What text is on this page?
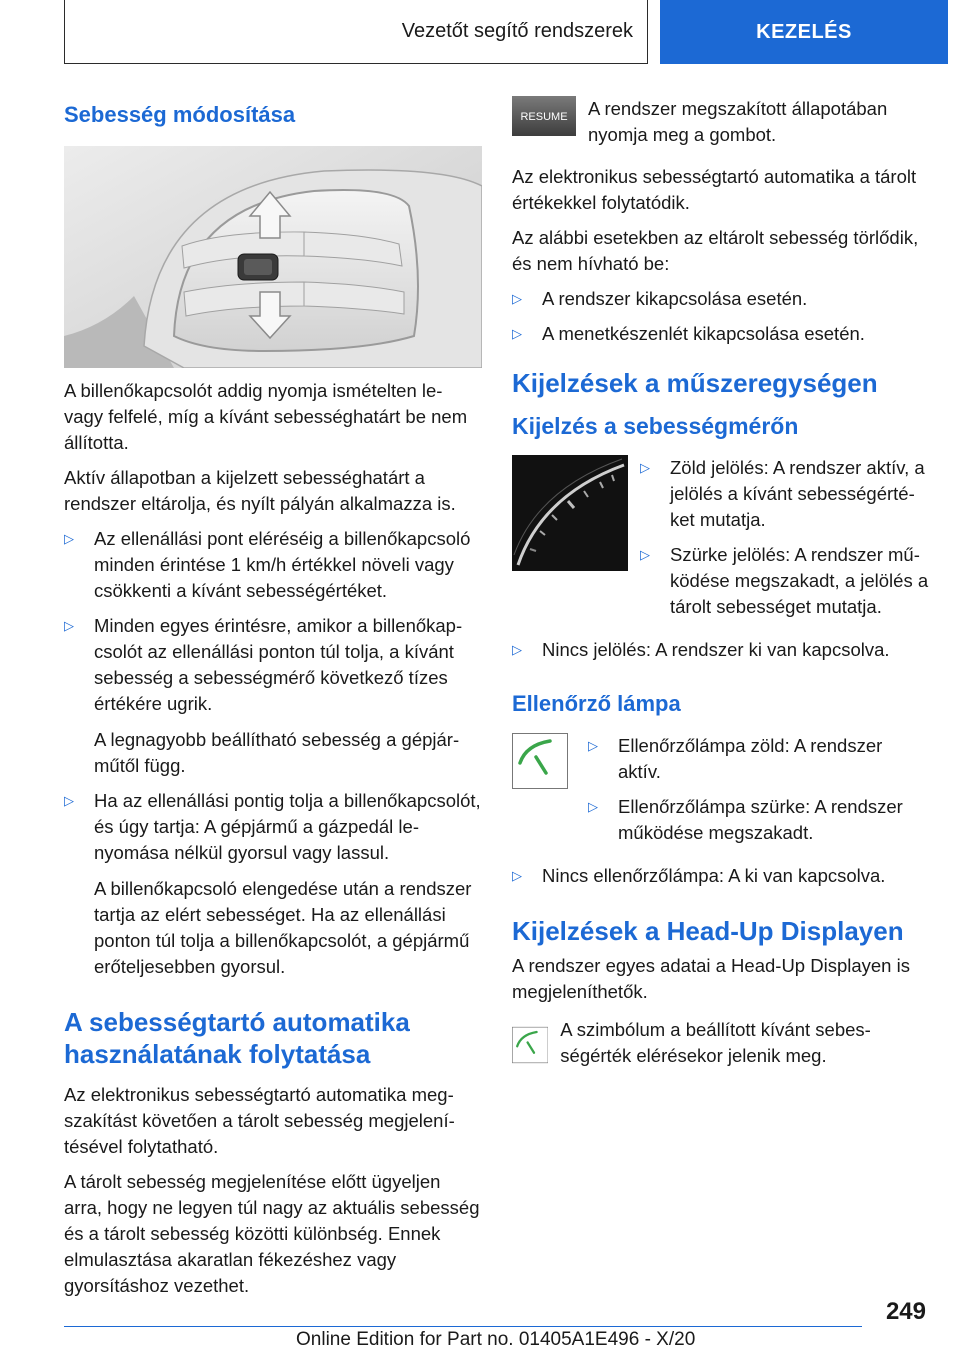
Vezetőt segítő rendszerek	KEZELÉS
Sebesség módosítása

A billenőkapcsolót addig nyomja ismételten le- vagy felfelé, míg a kívánt sebességhatárt be nem állította.

Aktív állapotban a kijelzett sebességhatárt a rendszer eltárolja, és nyílt pályán alkalmazza is.

▷ Az ellenállási pont eléréséig a billenőkapcsoló minden érintése 1 km/h értékkel növeli vagy csökkenti a kívánt sebességértéket.
▷ Minden egyes érintésre, amikor a billenőkapcsolót az ellenállási ponton túl tolja, a kívánt sebesség a sebességmérő következő tízes értékére ugrik.

A legnagyobb beállítható sebesség a gépjárműtől függ.

▷ Ha az ellenállási pontig tolja a billenőkapcsolót, és úgy tartja: A gépjármű a gázpedál lenyomása nélkül gyorsul vagy lassul.

A billenőkapcsoló elengedése után a rendszer tartja az elért sebességet. Ha az ellenállási ponton túl tolja a billenőkapcsolót, a gépjármű erőteljesebben gyorsul.

A sebességtartó automatika használatának folytatása

Az elektronikus sebességtartó automatika megszakítást követően a tárolt sebesség megjelenítésével folytatható.

A tárolt sebesség megjelenítése előtt ügyeljen arra, hogy ne legyen túl nagy az aktuális sebesség és a tárolt sebesség közötti különbség. Ennek elmulasztása akaratlan fékezéshez vagy gyorsításhoz vezethet.

RESUME A rendszer megszakított állapotában nyomja meg a gombot.

Az elektronikus sebességtartó automatika a tárolt értékekkel folytatódik.

Az alábbi esetekben az eltárolt sebesség törlődik, és nem hívható be:

▷ A rendszer kikapcsolása esetén.
▷ A menetkészenlét kikapcsolása esetén.
Kijelzések a műszeregységen
Kijelzés a sebességmérőn
▷ Zöld jelölés: A rendszer aktív, a jelölés a kívánt sebességértéket mutatja.
▷ Szürke jelölés: A rendszer működése megszakadt, a jelölés a tárolt sebességet mutatja.
▷ Nincs jelölés: A rendszer ki van kapcsolva.
Ellenőrző lámpa
▷ Ellenőrzőlámpa zöld: A rendszer aktív.
▷ Ellenőrzőlámpa szürke: A rendszer működése megszakadt.
▷ Nincs ellenőrzőlámpa: A ki van kapcsolva.
Kijelzések a Head-Up Displayen

A rendszer egyes adatai a Head-Up Displayen is megjeleníthetők.

A szimbólum a beállított kívánt sebességérték elérésekor jelenik meg.

249
Online Edition for Part no. 01405A1E496 - X/20
